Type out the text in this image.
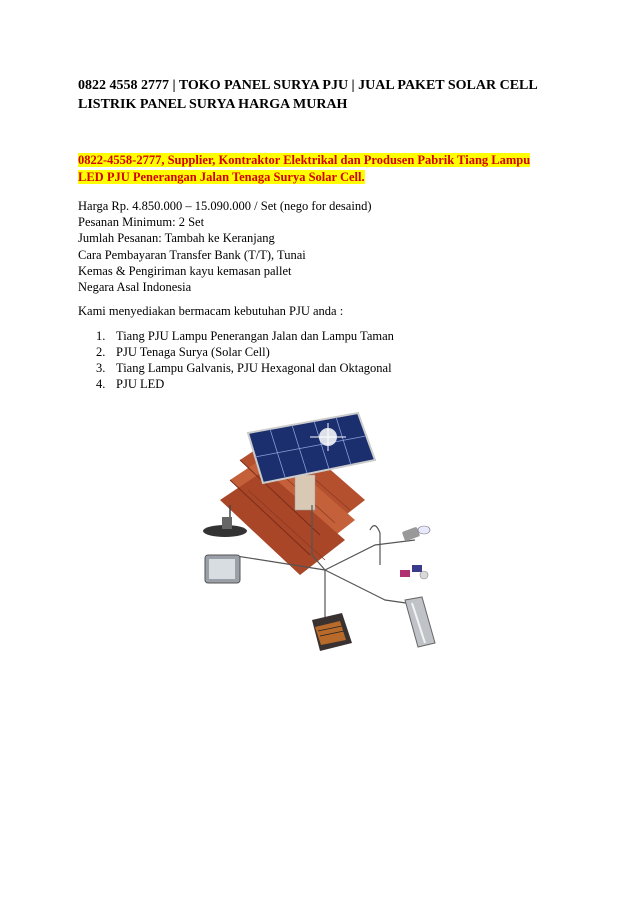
0822 4558 2777 | TOKO PANEL SURYA PJU | JUAL PAKET SOLAR CELL LISTRIK PANEL SURYA HARGA MURAH
0822-4558-2777, Supplier, Kontraktor Elektrikal dan Produsen Pabrik Tiang Lampu
LED PJU Penerangan Jalan Tenaga Surya Solar Cell.
Harga Rp. 4.850.000 – 15.090.000 / Set (nego for desaind)
Pesanan Minimum: 2 Set
Jumlah Pesanan: Tambah ke Keranjang
Cara Pembayaran Transfer Bank (T/T), Tunai
Kemas & Pengiriman kayu kemasan pallet
Negara Asal Indonesia
Kami menyediakan bermacam kebutuhan PJU anda :
1. Tiang PJU Lampu Penerangan Jalan dan Lampu Taman
2. PJU Tenaga Surya (Solar Cell)
3. Tiang Lampu Galvanis, PJU Hexagonal dan Oktagonal
4. PJU LED
